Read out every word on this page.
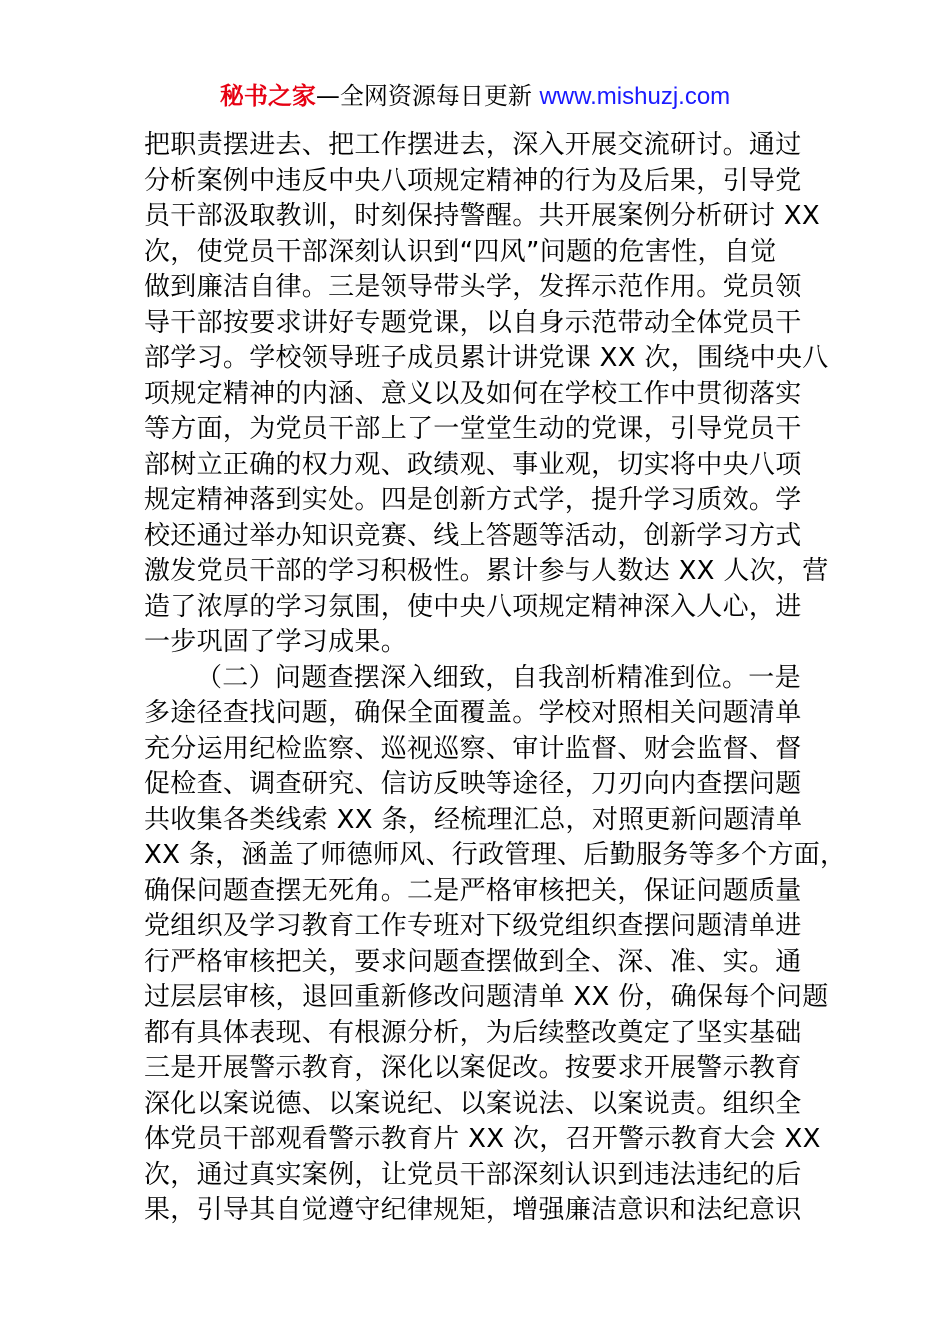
秘书之家—全网资源每日更新 www.mishuzj.com
把职责摆进去、把工作摆进去，深入开展交流研讨。通过
分析案例中违反中央八项规定精神的行为及后果，引导党
员干部汲取教训，时刻保持警醒。共开展案例分析研讨 XX
次，使党员干部深刻认识到“四风”问题的危害性，自觉
做到廉洁自律。三是领导带头学，发挥示范作用。党员领
导干部按要求讲好专题党课，以自身示范带动全体党员干
部学习。学校领导班子成员累计讲党课 XX 次，围绕中央八
项规定精神的内涵、意义以及如何在学校工作中贯彻落实
等方面，为党员干部上了一堂堂生动的党课，引导党员干
部树立正确的权力观、政绩观、事业观，切实将中央八项
规定精神落到实处。四是创新方式学，提升学习质效。学
校还通过举办知识竞赛、线上答题等活动，创新学习方式
激发党员干部的学习积极性。累计参与人数达 XX 人次，营
造了浓厚的学习氛围，使中央八项规定精神深入人心，进
一步巩固了学习成果。
（二）问题查摆深入细致，自我剖析精准到位。一是
多途径查找问题，确保全面覆盖。学校对照相关问题清单
充分运用纪检监察、巡视巡察、审计监督、财会监督、督
促检查、调查研究、信访反映等途径，刀刃向内查摆问题
共收集各类线索 XX 条，经梳理汇总，对照更新问题清单
XX 条，涵盖了师德师风、行政管理、后勤服务等多个方面，
确保问题查摆无死角。二是严格审核把关，保证问题质量
党组织及学习教育工作专班对下级党组织查摆问题清单进
行严格审核把关，要求问题查摆做到全、深、准、实。通
过层层审核，退回重新修改问题清单 XX 份，确保每个问题
都有具体表现、有根源分析，为后续整改奠定了坚实基础
三是开展警示教育，深化以案促改。按要求开展警示教育
深化以案说德、以案说纪、以案说法、以案说责。组织全
体党员干部观看警示教育片 XX 次，召开警示教育大会 XX
次，通过真实案例，让党员干部深刻认识到违法违纪的后
果，引导其自觉遵守纪律规矩，增强廉洁意识和法纪意识
